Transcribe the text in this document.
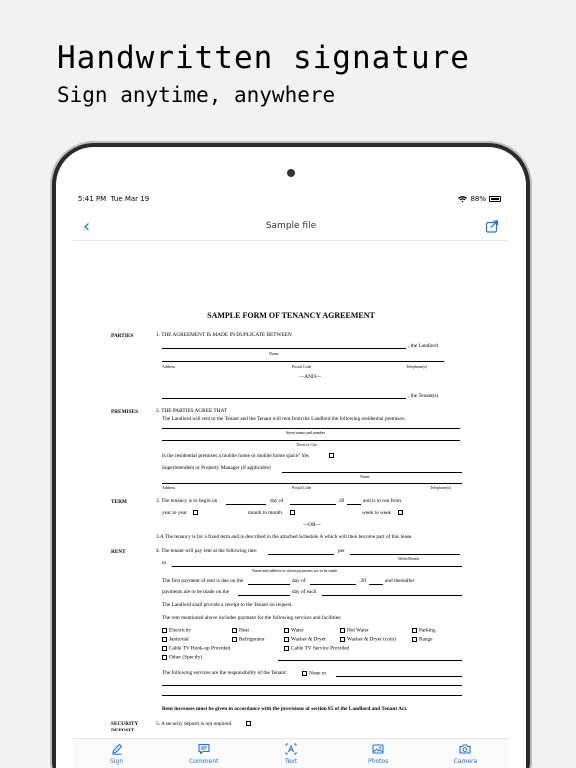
Handwritten signature
Sign anytime, anywhere
5:41 PM Tue Mar 19	88%
‹	Sample file
SAMPLE FORM OF TENANCY AGREEMENT
PARTIES	1. THE AGREEMENT IS MADE IN DUPLICATE BETWEEN
, the Landlord
Name
Address	Postal Code	Telephone(s)
—AND—
, the Tenant(s)
PREMISES	2. THE PARTIES AGREE THAT
The Landlord will rent to the Tenant and the Tenant will rent from the Landlord the following residential premises:
Street name and number
Town or City
Is the residential premises a mobile home or mobile home space? Yes
Superintendent or Property Manager (if applicable)
Name
Address	Postal Code	Telephone(s)
TERM	3. The tenancy is to begin on	day of	20	and is to run from
year to year	month to month	week to week
—OR—
3.A The tenancy is for a fixed term and is described in the attached Schedule A which will then become part of this lease.
RENT	4. The tenant will pay rent at the following rate:	per
Week/Month
to
Name and address to whom payments are to be made
The first payment of rent is due on the	day of	, 20	and thereafter
payments are to be made on the	day of each
The Landlord shall provide a receipt to the Tenant on request.
The rent mentioned above includes payment for the following services and facilities:
Electricity	Heat	Water	Hot Water	Parking
Janitorial	Refrigerator	Washer & Dryer	Washer & Dryer (coin)	Range
Cable TV Hook-up Provided	Cable TV Service Provided
Other (Specify)
The following services are the responsibility of the Tenant:	None or
Rent increases must be given in accordance with the provisions of section 85 of the Landlord and Tenant Act.
SECURITY
DEPOSIT
5. A security deposit is not required.
Sign	Comment	Text	Photos	Camera
